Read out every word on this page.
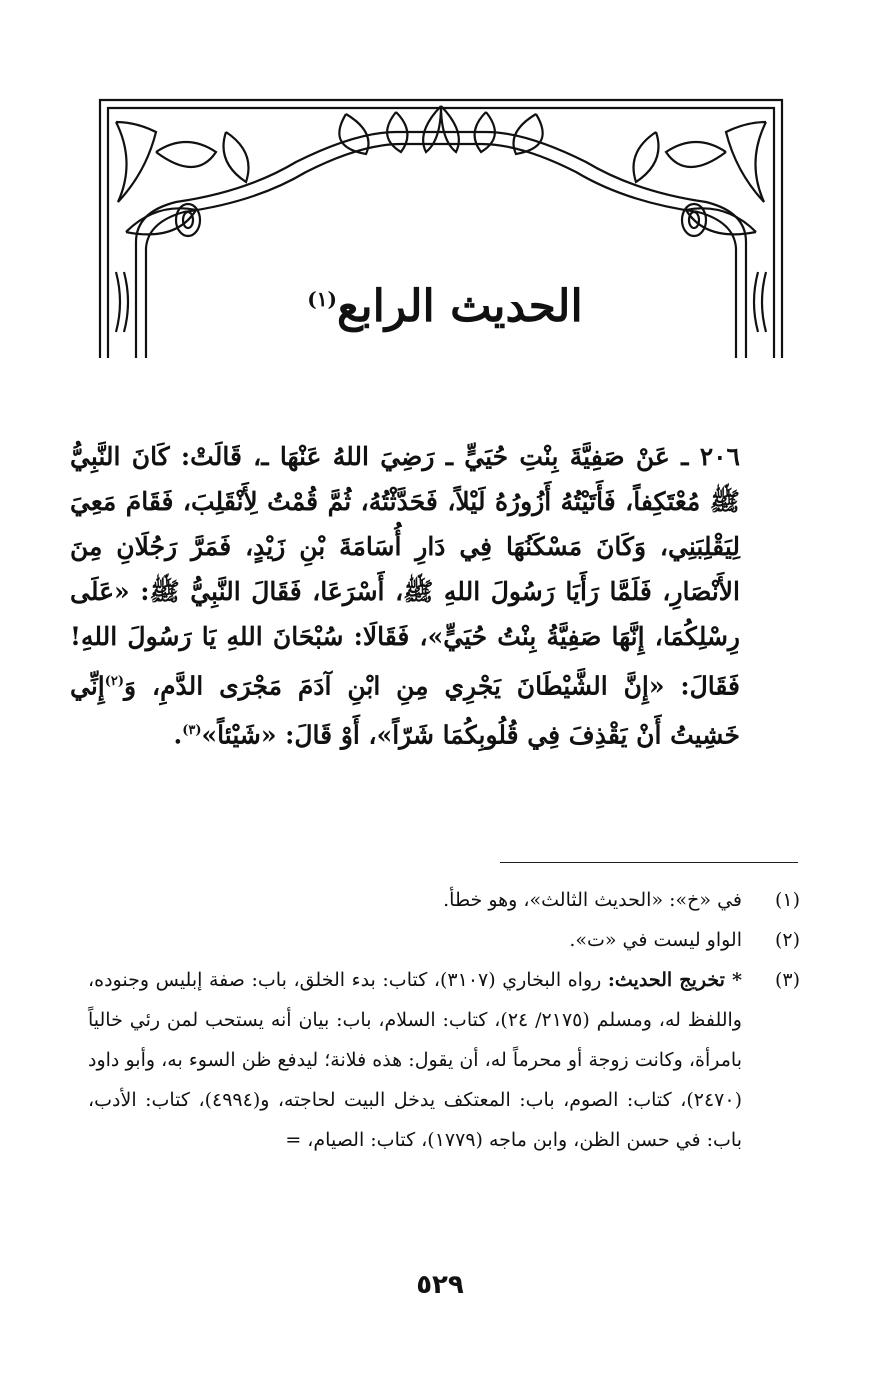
الحديث الرابع$^{(١)}$
٢٠٦ ـ عَنْ صَفِيَّةَ بِنْتِ حُيَيٍّ ـ رَضِيَ اللهُ عَنْهَا ـ، قَالَتْ: كَانَ النَّبِيُّ ﷺ مُعْتَكِفاً، فَأَتَيْتُهُ أَزُورُهُ لَيْلاً، فَحَدَّثْتُهُ، ثُمَّ قُمْتُ لِأَنْقَلِبَ، فَقَامَ مَعِيَ لِيَقْلِبَنِي، وَكَانَ مَسْكَنُهَا فِي دَارِ أُسَامَةَ بْنِ زَيْدٍ، فَمَرَّ رَجُلَانِ مِنَ الأَنْصَارِ، فَلَمَّا رَأَيَا رَسُولَ اللهِ ﷺ، أَسْرَعَا، فَقَالَ النَّبِيُّ ﷺ: «عَلَى رِسْلِكُمَا، إِنَّهَا صَفِيَّةُ بِنْتُ حُيَيٍّ»، فَقَالَا: سُبْحَانَ اللهِ يَا رَسُولَ اللهِ! فَقَالَ: «إِنَّ الشَّيْطَانَ يَجْرِي مِنِ ابْنِ آدَمَ مَجْرَى الدَّمِ، وَ$^{(٢)}$إِنِّي خَشِيتُ أَنْ يَقْذِفَ فِي قُلُوبِكُمَا شَرّاً»، أَوْ قَالَ: «شَيْئاً»$^{(٣)}$.
(١)
في «خ»: «الحديث الثالث»، وهو خطأ.
(٢)
الواو ليست في «ت».
(٣)
* تخريج الحديث: رواه البخاري (٣١٠٧)، كتاب: بدء الخلق، باب: صفة إبليس وجنوده، واللفظ له، ومسلم (٢١٧٥/ ٢٤)، كتاب: السلام، باب: بيان أنه يستحب لمن رئي خالياً بامرأة، وكانت زوجة أو محرماً له، أن يقول: هذه فلانة؛ ليدفع ظن السوء به، وأبو داود (٢٤٧٠)، كتاب: الصوم، باب: المعتكف يدخل البيت لحاجته، و(٤٩٩٤)، كتاب: الأدب، باب: في حسن الظن، وابن ماجه (١٧٧٩)، كتاب: الصيام، =
٥٢٩
